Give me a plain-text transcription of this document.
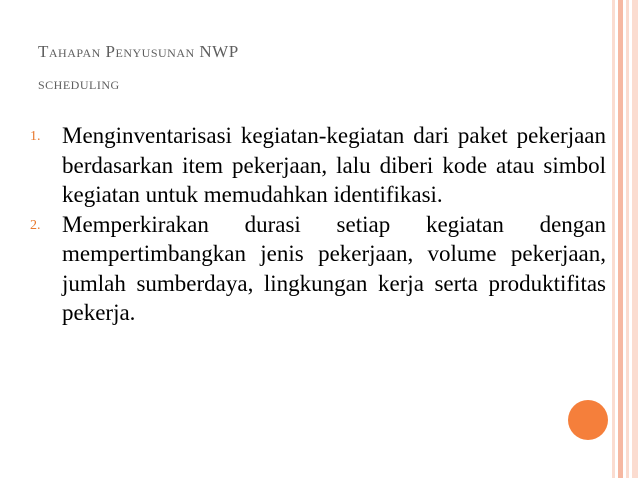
Tahapan Penyusunan NWP
scheduling
1. Menginventarisasi kegiatan-kegiatan dari paket pekerjaan berdasarkan item pekerjaan, lalu diberi kode atau simbol kegiatan untuk memudahkan identifikasi.
2. Memperkirakan durasi setiap kegiatan dengan mempertimbangkan jenis pekerjaan, volume pekerjaan, jumlah sumberdaya, lingkungan kerja serta produktifitas pekerja.
